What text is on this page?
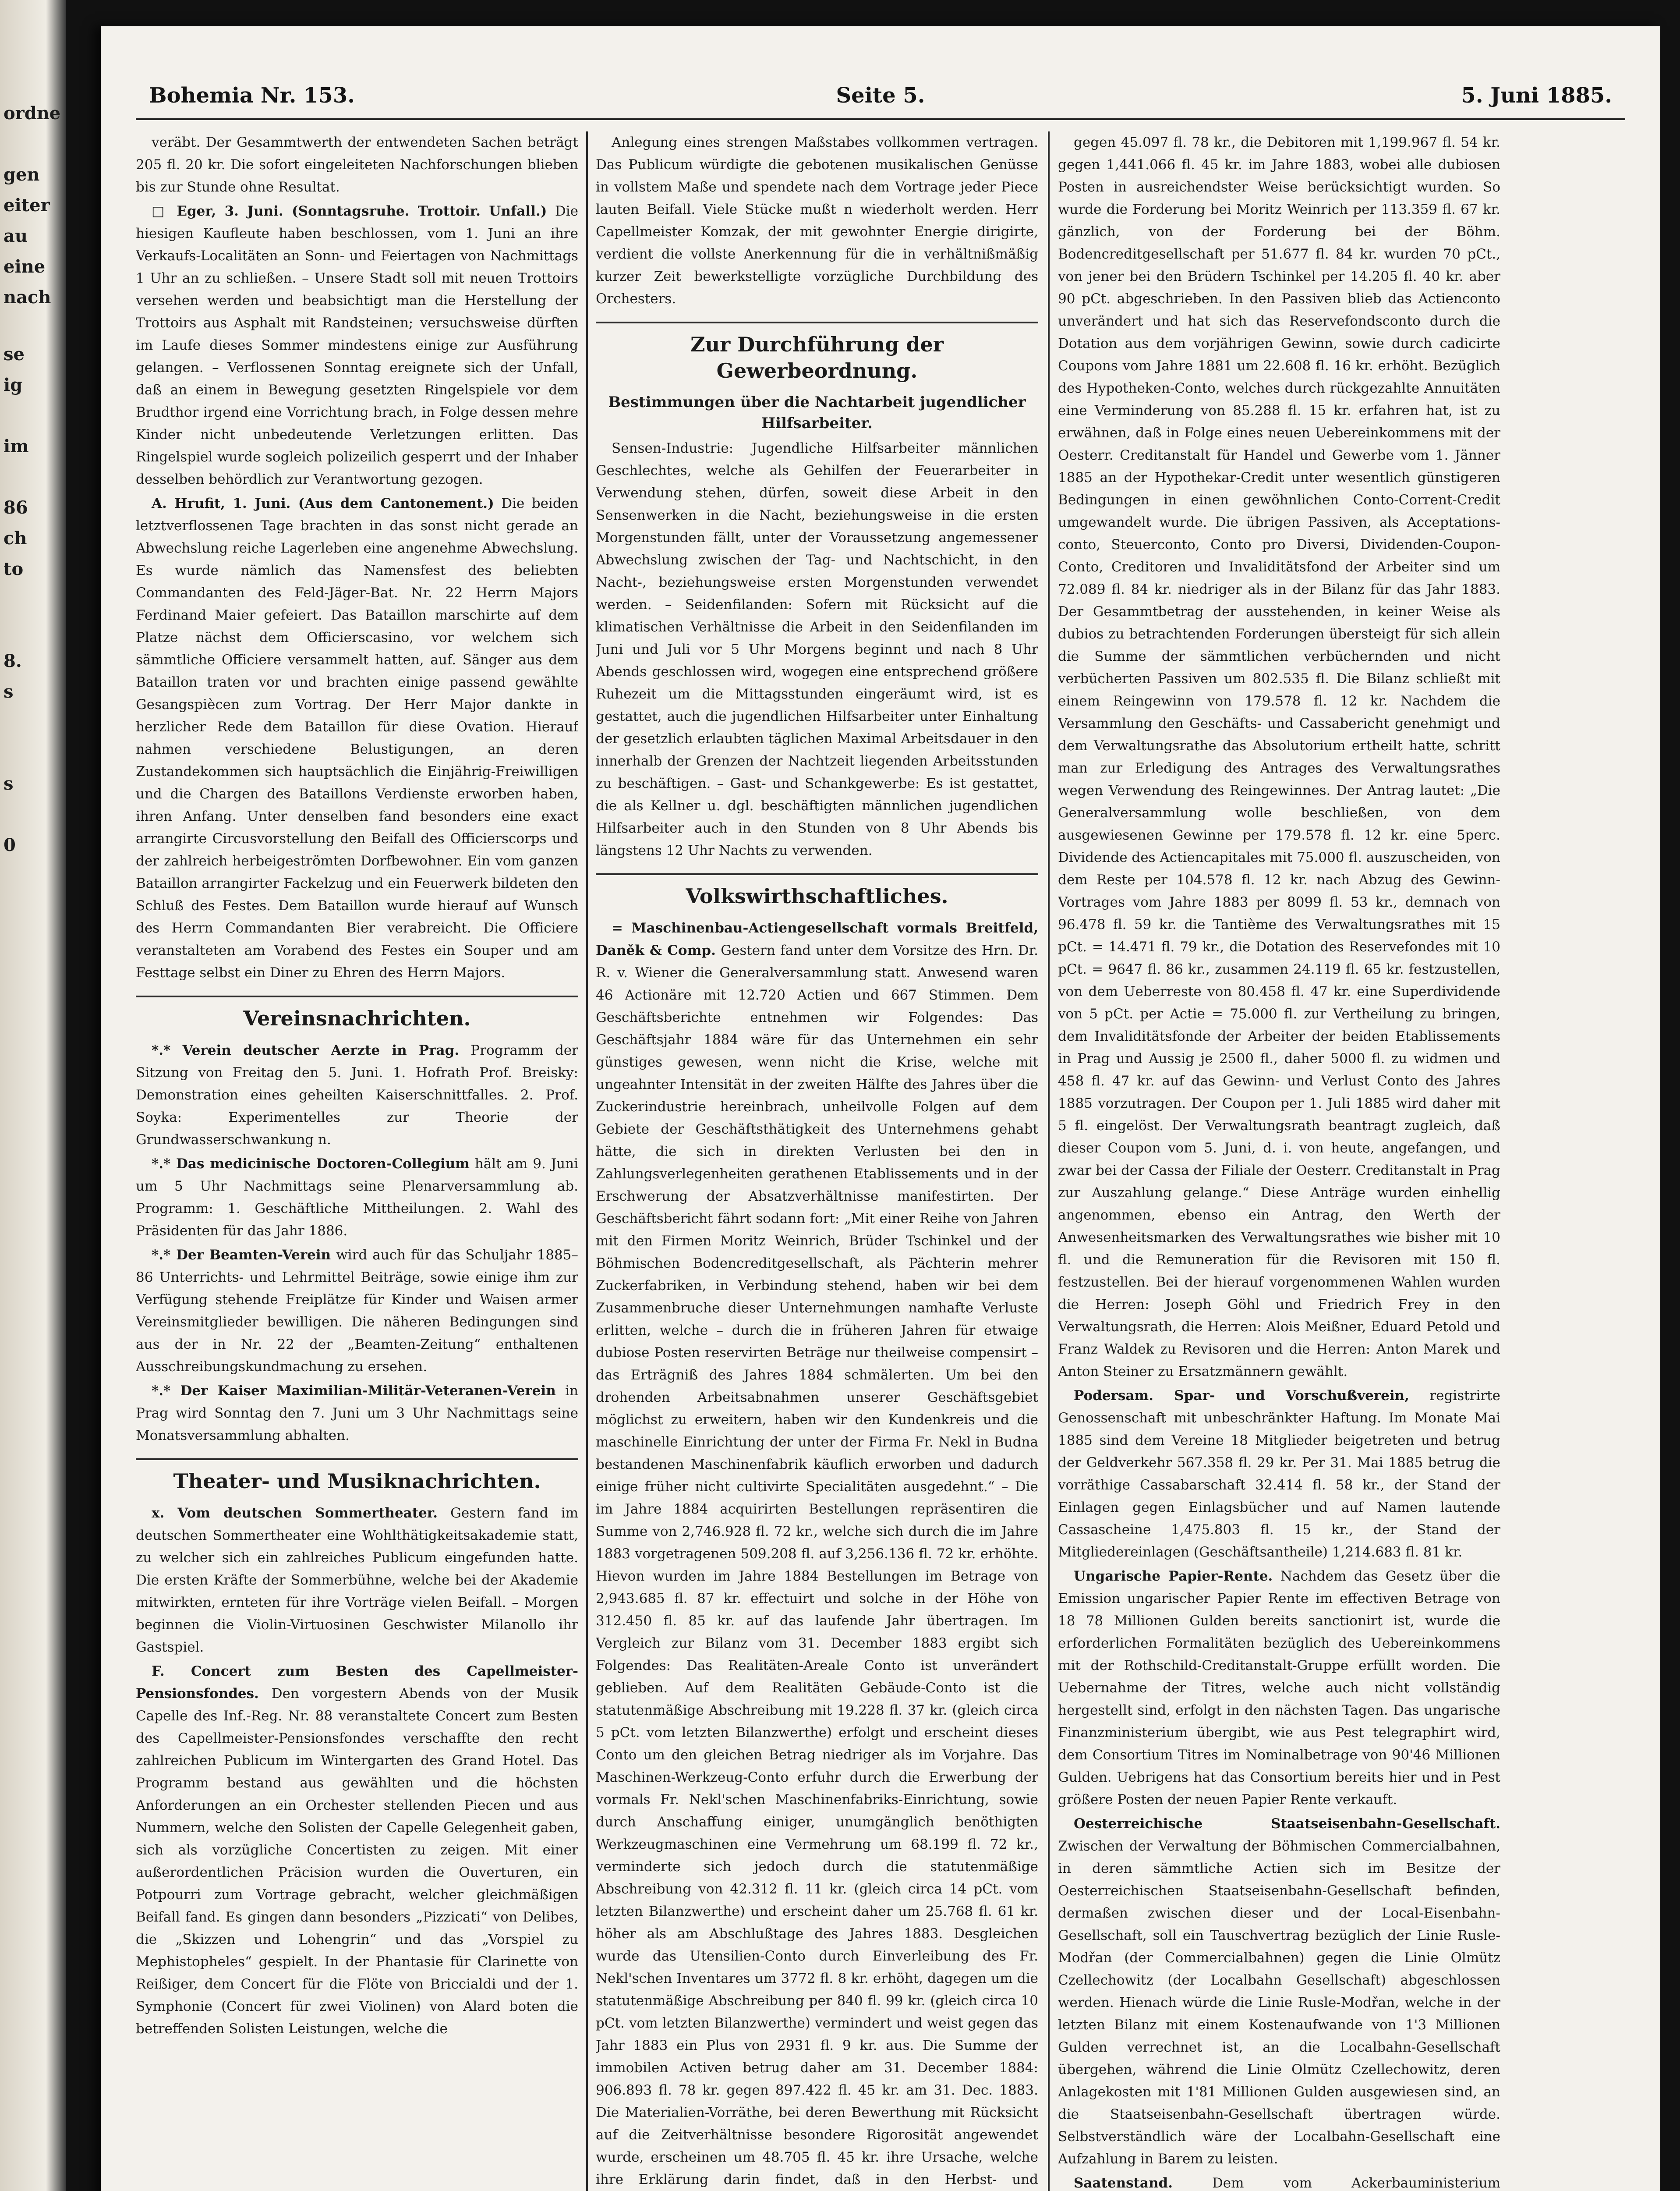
ordne
gen
eiter
au
eine
nach
se
ig
im
86
ch
to
8.
s
s
0
Bohemia Nr. 153.	Seite 5.	5. Juni 1885.

veräbt. Der Gesammtwerth der entwendeten Sachen beträgt 205 fl. 20 kr. Die sofort eingeleiteten Nachforschungen blieben bis zur Stunde ohne Resultat.

□ Eger, 3. Juni. (Sonntagsruhe. Trottoir. Unfall.) Die hiesigen Kaufleute haben beschlossen, vom 1. Juni an ihre Verkaufs-Localitäten an Sonn- und Feiertagen von Nachmittags 1 Uhr an zu schließen. – Unsere Stadt soll mit neuen Trottoirs versehen werden und beabsichtigt man die Herstellung der Trottoirs aus Asphalt mit Randsteinen; versuchsweise dürften im Laufe dieses Sommer mindestens einige zur Ausführung gelangen. – Verflossenen Sonntag ereignete sich der Unfall, daß an einem in Bewegung gesetzten Ringelspiele vor dem Brudthor irgend eine Vorrichtung brach, in Folge dessen mehre Kinder nicht unbedeutende Verletzungen erlitten. Das Ringelspiel wurde sogleich polizeilich gesperrt und der Inhaber desselben behördlich zur Verantwortung gezogen.

A. Hrufit, 1. Juni. (Aus dem Cantonement.) Die beiden letztverflossenen Tage brachten in das sonst nicht gerade an Abwechslung reiche Lagerleben eine angenehme Abwechslung. Es wurde nämlich das Namensfest des beliebten Commandanten des Feld-Jäger-Bat. Nr. 22 Herrn Majors Ferdinand Maier gefeiert. Das Bataillon marschirte auf dem Platze nächst dem Officierscasino, vor welchem sich sämmtliche Officiere versammelt hatten, auf. Sänger aus dem Bataillon traten vor und brachten einige passend gewählte Gesangspiècen zum Vortrag. Der Herr Major dankte in herzlicher Rede dem Bataillon für diese Ovation. Hierauf nahmen verschiedene Belustigungen, an deren Zustandekommen sich hauptsächlich die Einjährig-Freiwilligen und die Chargen des Bataillons Verdienste erworben haben, ihren Anfang. Unter denselben fand besonders eine exact arrangirte Circusvorstellung den Beifall des Officierscorps und der zahlreich herbeigeströmten Dorfbewohner. Ein vom ganzen Bataillon arrangirter Fackelzug und ein Feuerwerk bildeten den Schluß des Festes. Dem Bataillon wurde hierauf auf Wunsch des Herrn Commandanten Bier verabreicht. Die Officiere veranstalteten am Vorabend des Festes ein Souper und am Festtage selbst ein Diner zu Ehren des Herrn Majors.

Vereinsnachrichten.

*.* Verein deutscher Aerzte in Prag. Programm der Sitzung von Freitag den 5. Juni. 1. Hofrath Prof. Breisky: Demonstration eines geheilten Kaiserschnittfalles. 2. Prof. Soyka: Experimentelles zur Theorie der Grundwasserschwankung n.

*.* Das medicinische Doctoren-Collegium hält am 9. Juni um 5 Uhr Nachmittags seine Plenarversammlung ab. Programm: 1. Geschäftliche Mittheilungen. 2. Wahl des Präsidenten für das Jahr 1886.

*.* Der Beamten-Verein wird auch für das Schuljahr 1885–86 Unterrichts- und Lehrmittel Beiträge, sowie einige ihm zur Verfügung stehende Freiplätze für Kinder und Waisen armer Vereinsmitglieder bewilligen. Die näheren Bedingungen sind aus der in Nr. 22 der „Beamten-Zeitung“ enthaltenen Ausschreibungskundmachung zu ersehen.

*.* Der Kaiser Maximilian-Militär-Veteranen-Verein in Prag wird Sonntag den 7. Juni um 3 Uhr Nachmittags seine Monatsversammlung abhalten.

Theater- und Musiknachrichten.

x. Vom deutschen Sommertheater. Gestern fand im deutschen Sommertheater eine Wohlthätigkeitsakademie statt, zu welcher sich ein zahlreiches Publicum eingefunden hatte. Die ersten Kräfte der Sommerbühne, welche bei der Akademie mitwirkten, ernteten für ihre Vorträge vielen Beifall. – Morgen beginnen die Violin-Virtuosinen Geschwister Milanollo ihr Gastspiel.

F. Concert zum Besten des Capellmeister-Pensionsfondes. Den vorgestern Abends von der Musik Capelle des Inf.-Reg. Nr. 88 veranstaltete Concert zum Besten des Capellmeister-Pensionsfondes verschaffte den recht zahlreichen Publicum im Wintergarten des Grand Hotel. Das Programm bestand aus gewählten und die höchsten Anforderungen an ein Orchester stellenden Piecen und aus Nummern, welche den Solisten der Capelle Gelegenheit gaben, sich als vorzügliche Concertisten zu zeigen. Mit einer außerordentlichen Präcision wurden die Ouverturen, ein Potpourri zum Vortrage gebracht, welcher gleichmäßigen Beifall fand. Es gingen dann besonders „Pizzicati“ von Delibes, die „Skizzen und Lohengrin“ und das „Vorspiel zu Mephistopheles“ gespielt. In der Phantasie für Clarinette von Reißiger, dem Concert für die Flöte von Briccialdi und der 1. Symphonie (Concert für zwei Violinen) von Alard boten die betreffenden Solisten Leistungen, welche die

Anlegung eines strengen Maßstabes vollkommen vertragen. Das Publicum würdigte die gebotenen musikalischen Genüsse in vollstem Maße und spendete nach dem Vortrage jeder Piece lauten Beifall. Viele Stücke mußt n wiederholt werden. Herr Capellmeister Komzak, der mit gewohnter Energie dirigirte, verdient die vollste Anerkennung für die in verhältnißmäßig kurzer Zeit bewerkstelligte vorzügliche Durchbildung des Orchesters.

Zur Durchführung der Gewerbeordnung.
Bestimmungen über die Nachtarbeit jugendlicher Hilfsarbeiter.

Sensen-Industrie: Jugendliche Hilfsarbeiter männlichen Geschlechtes, welche als Gehilfen der Feuerarbeiter in Verwendung stehen, dürfen, soweit diese Arbeit in den Sensenwerken in die Nacht, beziehungsweise in die ersten Morgenstunden fällt, unter der Voraussetzung angemessener Abwechslung zwischen der Tag- und Nachtschicht, in den Nacht-, beziehungsweise ersten Morgenstunden verwendet werden. – Seidenfilanden: Sofern mit Rücksicht auf die klimatischen Verhältnisse die Arbeit in den Seidenfilanden im Juni und Juli vor 5 Uhr Morgens beginnt und nach 8 Uhr Abends geschlossen wird, wogegen eine entsprechend größere Ruhezeit um die Mittagsstunden eingeräumt wird, ist es gestattet, auch die jugendlichen Hilfsarbeiter unter Einhaltung der gesetzlich erlaubten täglichen Maximal Arbeitsdauer in den innerhalb der Grenzen der Nachtzeit liegenden Arbeitsstunden zu beschäftigen. – Gast- und Schankgewerbe: Es ist gestattet, die als Kellner u. dgl. beschäftigten männlichen jugendlichen Hilfsarbeiter auch in den Stunden von 8 Uhr Abends bis längstens 12 Uhr Nachts zu verwenden.

Volkswirthschaftliches.

= Maschinenbau-Actiengesellschaft vormals Breitfeld, Daněk & Comp. Gestern fand unter dem Vorsitze des Hrn. Dr. R. v. Wiener die Generalversammlung statt. Anwesend waren 46 Actionäre mit 12.720 Actien und 667 Stimmen. Dem Geschäftsberichte entnehmen wir Folgendes: Das Geschäftsjahr 1884 wäre für das Unternehmen ein sehr günstiges gewesen, wenn nicht die Krise, welche mit ungeahnter Intensität in der zweiten Hälfte des Jahres über die Zuckerindustrie hereinbrach, unheilvolle Folgen auf dem Gebiete der Geschäftsthätigkeit des Unternehmens gehabt hätte, die sich in direkten Verlusten bei den in Zahlungsverlegenheiten gerathenen Etablissements und in der Erschwerung der Absatzverhältnisse manifestirten. Der Geschäftsbericht fährt sodann fort: „Mit einer Reihe von Jahren mit den Firmen Moritz Weinrich, Brüder Tschinkel und der Böhmischen Bodencreditgesellschaft, als Pächterin mehrer Zuckerfabriken, in Verbindung stehend, haben wir bei dem Zusammenbruche dieser Unternehmungen namhafte Verluste erlitten, welche – durch die in früheren Jahren für etwaige dubiose Posten reservirten Beträge nur theilweise compensirt – das Erträgniß des Jahres 1884 schmälerten. Um bei den drohenden Arbeitsabnahmen unserer Geschäftsgebiet möglichst zu erweitern, haben wir den Kundenkreis und die maschinelle Einrichtung der unter der Firma Fr. Nekl in Budna bestandenen Maschinenfabrik käuflich erworben und dadurch einige früher nicht cultivirte Specialitäten ausgedehnt.“ – Die im Jahre 1884 acquirirten Bestellungen repräsentiren die Summe von 2,746.928 fl. 72 kr., welche sich durch die im Jahre 1883 vorgetragenen 509.208 fl. auf 3,256.136 fl. 72 kr. erhöhte. Hievon wurden im Jahre 1884 Bestellungen im Betrage von 2,943.685 fl. 87 kr. effectuirt und solche in der Höhe von 312.450 fl. 85 kr. auf das laufende Jahr übertragen. Im Vergleich zur Bilanz vom 31. December 1883 ergibt sich Folgendes: Das Realitäten-Areale Conto ist unverändert geblieben. Auf dem Realitäten Gebäude-Conto ist die statutenmäßige Abschreibung mit 19.228 fl. 37 kr. (gleich circa 5 pCt. vom letzten Bilanzwerthe) erfolgt und erscheint dieses Conto um den gleichen Betrag niedriger als im Vorjahre. Das Maschinen-Werkzeug-Conto erfuhr durch die Erwerbung der vormals Fr. Nekl'schen Maschinenfabriks-Einrichtung, sowie durch Anschaffung einiger, unumgänglich benöthigten Werkzeugmaschinen eine Vermehrung um 68.199 fl. 72 kr., verminderte sich jedoch durch die statutenmäßige Abschreibung von 42.312 fl. 11 kr. (gleich circa 14 pCt. vom letzten Bilanzwerthe) und erscheint daher um 25.768 fl. 61 kr. höher als am Abschlußtage des Jahres 1883. Desgleichen wurde das Utensilien-Conto durch Einverleibung des Fr. Nekl'schen Inventares um 3772 fl. 8 kr. erhöht, dagegen um die statutenmäßige Abschreibung per 840 fl. 99 kr. (gleich circa 10 pCt. vom letzten Bilanzwerthe) vermindert und weist gegen das Jahr 1883 ein Plus von 2931 fl. 9 kr. aus. Die Summe der immobilen Activen betrug daher am 31. December 1884: 906.893 fl. 78 kr. gegen 897.422 fl. 45 kr. am 31. Dec. 1883. Die Materialien-Vorräthe, bei deren Bewerthung mit Rücksicht auf die Zeitverhältnisse besondere Rigorosität angewendet wurde, erscheinen um 48.705 fl. 45 kr. ihre Ursache, welche ihre Erklärung darin findet, daß in den Herbst- und

gegen 45.097 fl. 78 kr., die Debitoren mit 1,199.967 fl. 54 kr. gegen 1,441.066 fl. 45 kr. im Jahre 1883, wobei alle dubiosen Posten in ausreichendster Weise berücksichtigt wurden. So wurde die Forderung bei Moritz Weinrich per 113.359 fl. 67 kr. gänzlich, von der Forderung bei der Böhm. Bodencreditgesellschaft per 51.677 fl. 84 kr. wurden 70 pCt., von jener bei den Brüdern Tschinkel per 14.205 fl. 40 kr. aber 90 pCt. abgeschrieben. In den Passiven blieb das Actienconto unverändert und hat sich das Reservefondsconto durch die Dotation aus dem vorjährigen Gewinn, sowie durch cadicirte Coupons vom Jahre 1881 um 22.608 fl. 16 kr. erhöht. Bezüglich des Hypotheken-Conto, welches durch rückgezahlte Annuitäten eine Verminderung von 85.288 fl. 15 kr. erfahren hat, ist zu erwähnen, daß in Folge eines neuen Uebereinkommens mit der Oesterr. Creditanstalt für Handel und Gewerbe vom 1. Jänner 1885 an der Hypothekar-Credit unter wesentlich günstigeren Bedingungen in einen gewöhnlichen Conto-Corrent-Credit umgewandelt wurde. Die übrigen Passiven, als Acceptations-conto, Steuerconto, Conto pro Diversi, Dividenden-Coupon-Conto, Creditoren und Invaliditätsfond der Arbeiter sind um 72.089 fl. 84 kr. niedriger als in der Bilanz für das Jahr 1883. Der Gesammtbetrag der ausstehenden, in keiner Weise als dubios zu betrachtenden Forderungen übersteigt für sich allein die Summe der sämmtlichen verbüchernden und nicht verbücherten Passiven um 802.535 fl. Die Bilanz schließt mit einem Reingewinn von 179.578 fl. 12 kr. Nachdem die Versammlung den Geschäfts- und Cassabericht genehmigt und dem Verwaltungsrathe das Absolutorium ertheilt hatte, schritt man zur Erledigung des Antrages des Verwaltungsrathes wegen Verwendung des Reingewinnes. Der Antrag lautet: „Die Generalversammlung wolle beschließen, von dem ausgewiesenen Gewinne per 179.578 fl. 12 kr. eine 5perc. Dividende des Actiencapitales mit 75.000 fl. auszuscheiden, von dem Reste per 104.578 fl. 12 kr. nach Abzug des Gewinn-Vortrages vom Jahre 1883 per 8099 fl. 53 kr., demnach von 96.478 fl. 59 kr. die Tantième des Verwaltungsrathes mit 15 pCt. = 14.471 fl. 79 kr., die Dotation des Reservefondes mit 10 pCt. = 9647 fl. 86 kr., zusammen 24.119 fl. 65 kr. festzustellen, von dem Ueberreste von 80.458 fl. 47 kr. eine Superdividende von 5 pCt. per Actie = 75.000 fl. zur Vertheilung zu bringen, dem Invaliditätsfonde der Arbeiter der beiden Etablissements in Prag und Aussig je 2500 fl., daher 5000 fl. zu widmen und 458 fl. 47 kr. auf das Gewinn- und Verlust Conto des Jahres 1885 vorzutragen. Der Coupon per 1. Juli 1885 wird daher mit 5 fl. eingelöst. Der Verwaltungsrath beantragt zugleich, daß dieser Coupon vom 5. Juni, d. i. von heute, angefangen, und zwar bei der Cassa der Filiale der Oesterr. Creditanstalt in Prag zur Auszahlung gelange.“ Diese Anträge wurden einhellig angenommen, ebenso ein Antrag, den Werth der Anwesenheitsmarken des Verwaltungsrathes wie bisher mit 10 fl. und die Remuneration für die Revisoren mit 150 fl. festzustellen. Bei der hierauf vorgenommenen Wahlen wurden die Herren: Joseph Göhl und Friedrich Frey in den Verwaltungsrath, die Herren: Alois Meißner, Eduard Petold und Franz Waldek zu Revisoren und die Herren: Anton Marek und Anton Steiner zu Ersatzmännern gewählt.

Podersam. Spar- und Vorschußverein, registrirte Genossenschaft mit unbeschränkter Haftung. Im Monate Mai 1885 sind dem Vereine 18 Mitglieder beigetreten und betrug der Geldverkehr 567.358 fl. 29 kr. Per 31. Mai 1885 betrug die vorräthige Cassabarschaft 32.414 fl. 58 kr., der Stand der Einlagen gegen Einlagsbücher und auf Namen lautende Cassascheine 1,475.803 fl. 15 kr., der Stand der Mitgliedereinlagen (Geschäftsantheile) 1,214.683 fl. 81 kr.

Ungarische Papier-Rente. Nachdem das Gesetz über die Emission ungarischer Papier Rente im effectiven Betrage von 18 78 Millionen Gulden bereits sanctionirt ist, wurde die erforderlichen Formalitäten bezüglich des Uebereinkommens mit der Rothschild-Creditanstalt-Gruppe erfüllt worden. Die Uebernahme der Titres, welche auch nicht vollständig hergestellt sind, erfolgt in den nächsten Tagen. Das ungarische Finanzministerium übergibt, wie aus Pest telegraphirt wird, dem Consortium Titres im Nominalbetrage von 90'46 Millionen Gulden. Uebrigens hat das Consortium bereits hier und in Pest größere Posten der neuen Papier Rente verkauft.

Oesterreichische Staatseisenbahn-Gesellschaft. Zwischen der Verwaltung der Böhmischen Commercialbahnen, in deren sämmtliche Actien sich im Besitze der Oesterreichischen Staatseisenbahn-Gesellschaft befinden, dermaßen zwischen dieser und der Local-Eisenbahn-Gesellschaft, soll ein Tauschvertrag bezüglich der Linie Rusle-Modřan (der Commercialbahnen) gegen die Linie Olmütz Czellechowitz (der Localbahn Gesellschaft) abgeschlossen werden. Hienach würde die Linie Rusle-Modřan, welche in der letzten Bilanz mit einem Kostenaufwande von 1'3 Millionen Gulden verrechnet ist, an die Localbahn-Gesellschaft übergehen, während die Linie Olmütz Czellechowitz, deren Anlagekosten mit 1'81 Millionen Gulden ausgewiesen sind, an die Staatseisenbahn-Gesellschaft übertragen würde. Selbstverständlich wäre der Localbahn-Gesellschaft eine Aufzahlung in Barem zu leisten.

Saatenstand.	Dem vom Ackerbauministerium
